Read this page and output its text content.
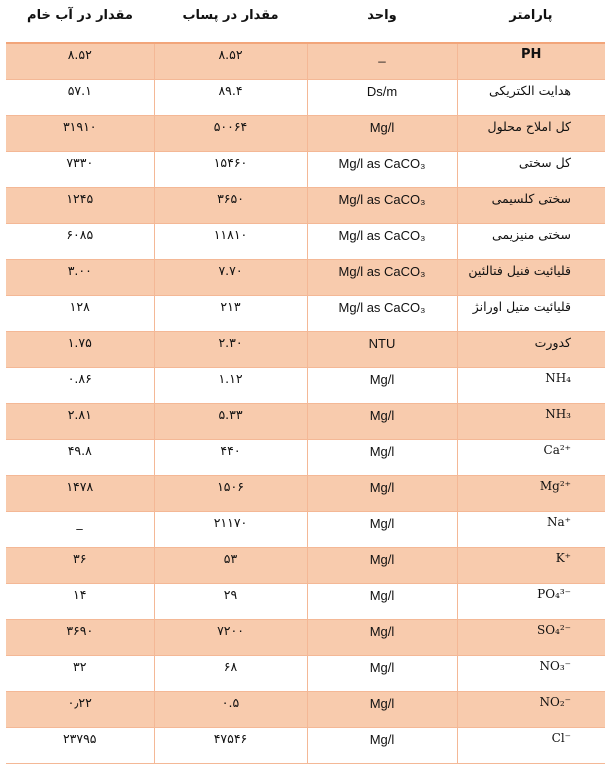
مقدار در آب خام	مقدار در پساب	واحد	پارامتر
۸.۵۲	۸.۵۲	_	PH
۵۷.۱	۸۹.۴	Ds/m	هدایت الکتریکی
۳۱۹۱۰	۵۰۰۶۴	Mg/l	کل املاح محلول
۷۳۳۰	۱۵۴۶۰	Mg/l as CaCO₃	کل سختی
۱۲۴۵	۳۶۵۰	Mg/l as CaCO₃	سختی کلسیمی
۶۰۸۵	۱۱۸۱۰	Mg/l as CaCO₃	سختی منیزیمی
۳.۰۰	۷.۷۰	Mg/l as CaCO₃	قلیائیت فنیل فتالئین
۱۲۸	۲۱۳	Mg/l as CaCO₃	قلیائیت متیل اورانژ
۱.۷۵	۲.۳۰	NTU	کدورت
۰.۸۶	۱.۱۲	Mg/l	NH₄
۲.۸۱	۵.۳۳	Mg/l	NH₃
۴۹.۸	۴۴۰	Mg/l	Ca²⁺
۱۴۷۸	۱۵۰۶	Mg/l	Mg²⁺
_	۲۱۱۷۰	Mg/l	Na⁺
۳۶	۵۳	Mg/l	K⁺
۱۴	۲۹	Mg/l	PO₄³⁻
۳۶۹۰	۷۲۰۰	Mg/l	SO₄²⁻
۳۲	۶۸	Mg/l	NO₃⁻
۰٫۲۲	۰.۵	Mg/l	NO₂⁻
۲۳۷۹۵	۴۷۵۴۶	Mg/l	Cl⁻
